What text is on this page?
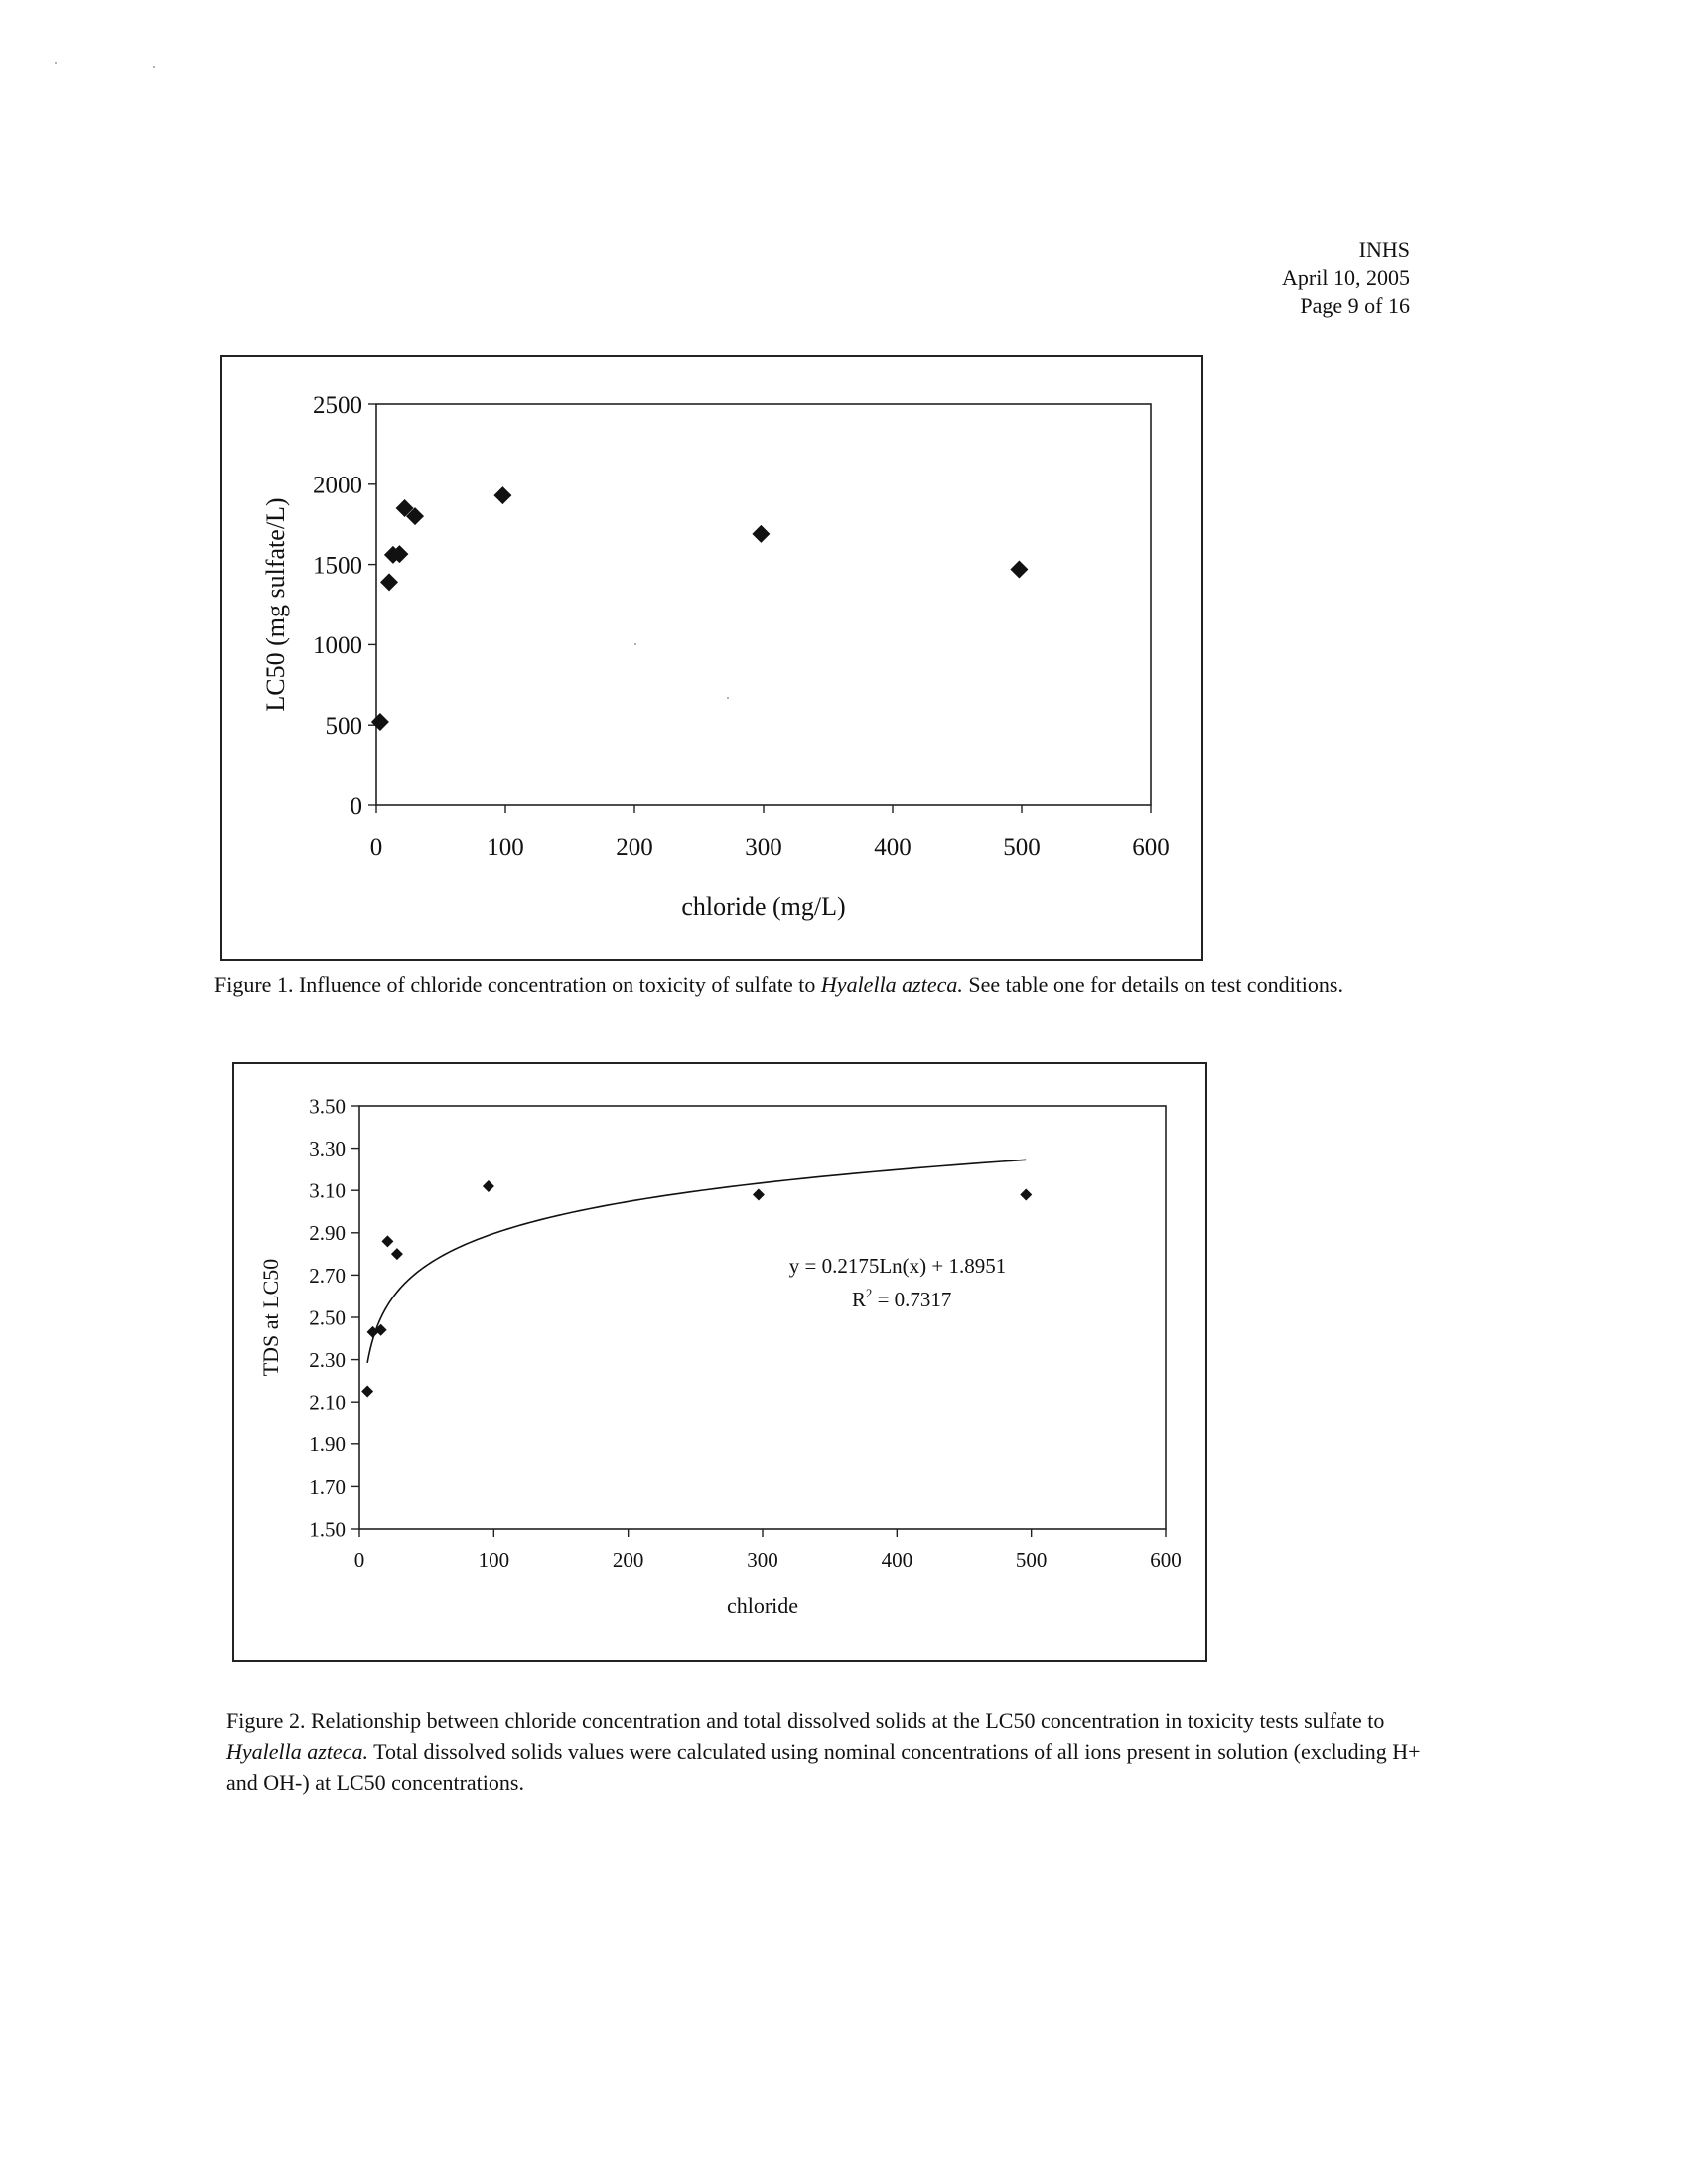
INHS
April 10, 2005
Page 9 of 16
0
500
1000
1500
2000
2500
0	100	200	300	400	500	600
chloride (mg/L)
LC50 (mg sulfate/L)
Figure 1. Influence of chloride concentration on toxicity of sulfate to Hyalella azteca. See table one for details on test conditions.
1.50
1.70
1.90
2.10
2.30
2.50
2.70
2.90
3.10
3.30
3.50
0	100	200	300	400	500	600
chloride
TDS at LC50	y = 0.2175Ln(x) + 1.8951
$R^2 = 0.7317$
Figure 2. Relationship between chloride concentration and total dissolved solids at the LC50 concentration in toxicity tests sulfate to Hyalella azteca. Total dissolved solids values were calculated using nominal concentrations of all ions present in solution (excluding H+ and OH-) at LC50 concentrations.
